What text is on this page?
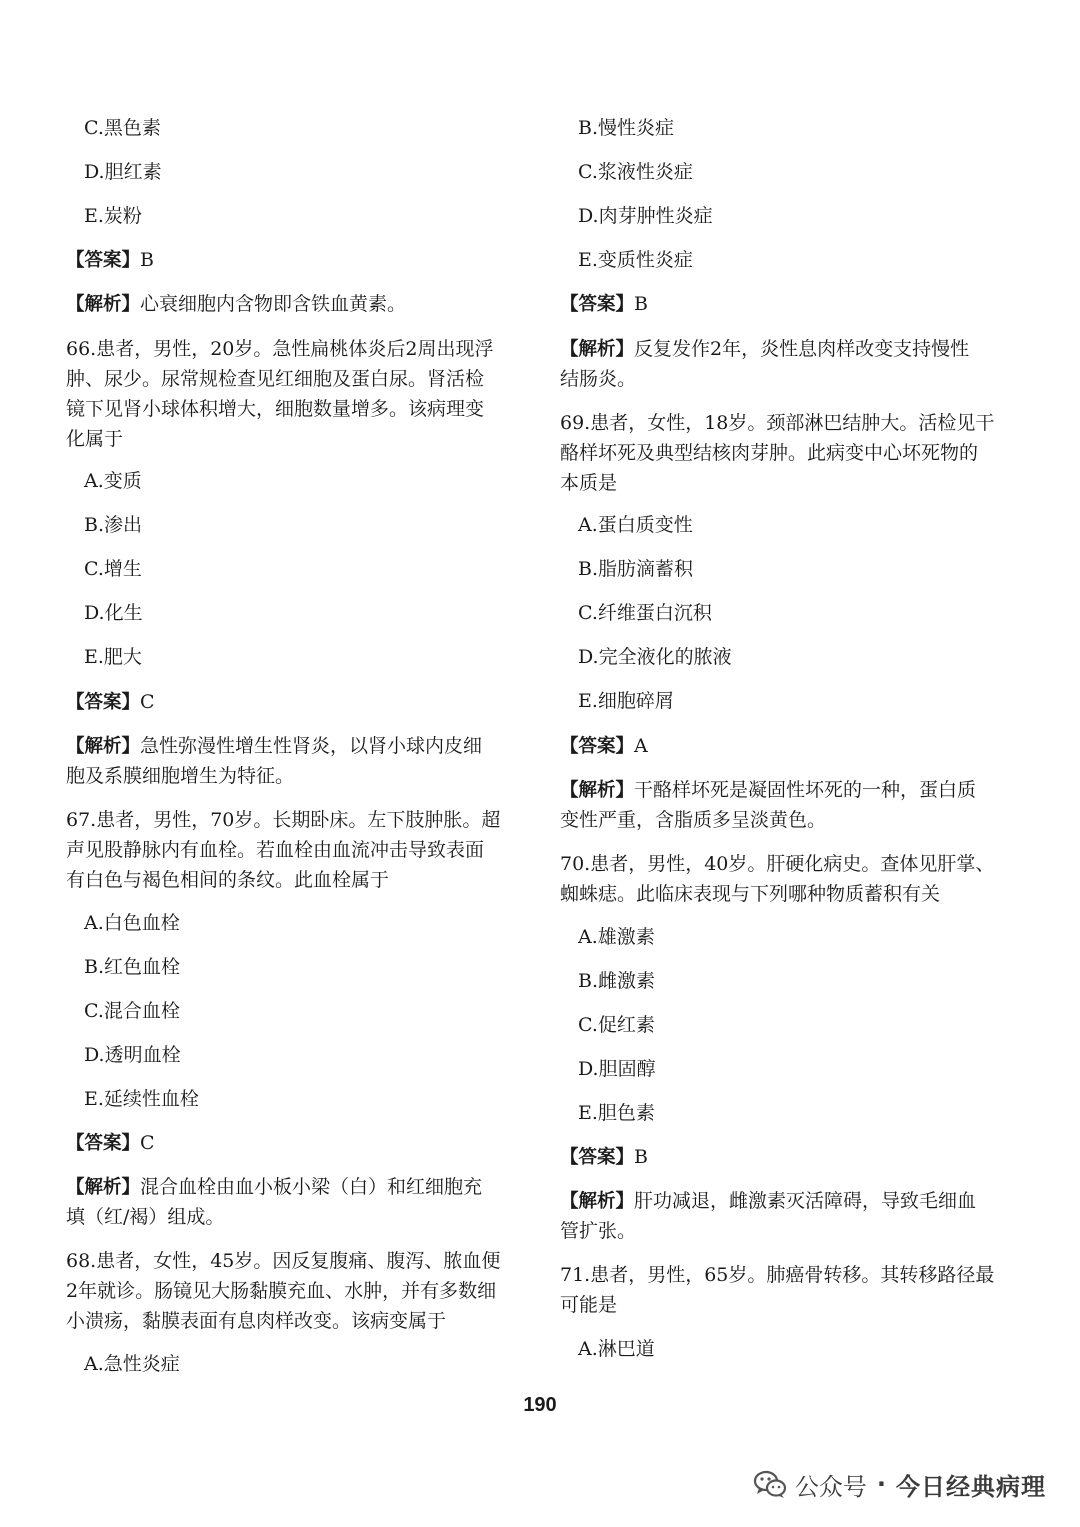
C.黑色素
D.胆红素
E.炭粉
【答案】B
【解析】心衰细胞内含物即含铁血黄素。
66.患者，男性，20岁。急性扁桃体炎后2周出现浮
肿、尿少。尿常规检查见红细胞及蛋白尿。肾活检
镜下见肾小球体积增大，细胞数量增多。该病理变
化属于
A.变质
B.渗出
C.增生
D.化生
E.肥大
【答案】C
【解析】急性弥漫性增生性肾炎，以肾小球内皮细
胞及系膜细胞增生为特征。
67.患者，男性，70岁。长期卧床。左下肢肿胀。超
声见股静脉内有血栓。若血栓由血流冲击导致表面
有白色与褐色相间的条纹。此血栓属于
A.白色血栓
B.红色血栓
C.混合血栓
D.透明血栓
E.延续性血栓
【答案】C
【解析】混合血栓由血小板小梁（白）和红细胞充
填（红/褐）组成。
68.患者，女性，45岁。因反复腹痛、腹泻、脓血便
2年就诊。肠镜见大肠黏膜充血、水肿，并有多数细
小溃疡，黏膜表面有息肉样改变。该病变属于
A.急性炎症
B.慢性炎症
C.浆液性炎症
D.肉芽肿性炎症
E.变质性炎症
【答案】B
【解析】反复发作2年，炎性息肉样改变支持慢性
结肠炎。
69.患者，女性，18岁。颈部淋巴结肿大。活检见干
酪样坏死及典型结核肉芽肿。此病变中心坏死物的
本质是
A.蛋白质变性
B.脂肪滴蓄积
C.纤维蛋白沉积
D.完全液化的脓液
E.细胞碎屑
【答案】A
【解析】干酪样坏死是凝固性坏死的一种，蛋白质
变性严重，含脂质多呈淡黄色。
70.患者，男性，40岁。肝硬化病史。查体见肝掌、
蜘蛛痣。此临床表现与下列哪种物质蓄积有关
A.雄激素
B.雌激素
C.促红素
D.胆固醇
E.胆色素
【答案】B
【解析】肝功减退，雌激素灭活障碍，导致毛细血
管扩张。
71.患者，男性，65岁。肺癌骨转移。其转移路径最
可能是
A.淋巴道
190
公众号 · 今日经典病理
